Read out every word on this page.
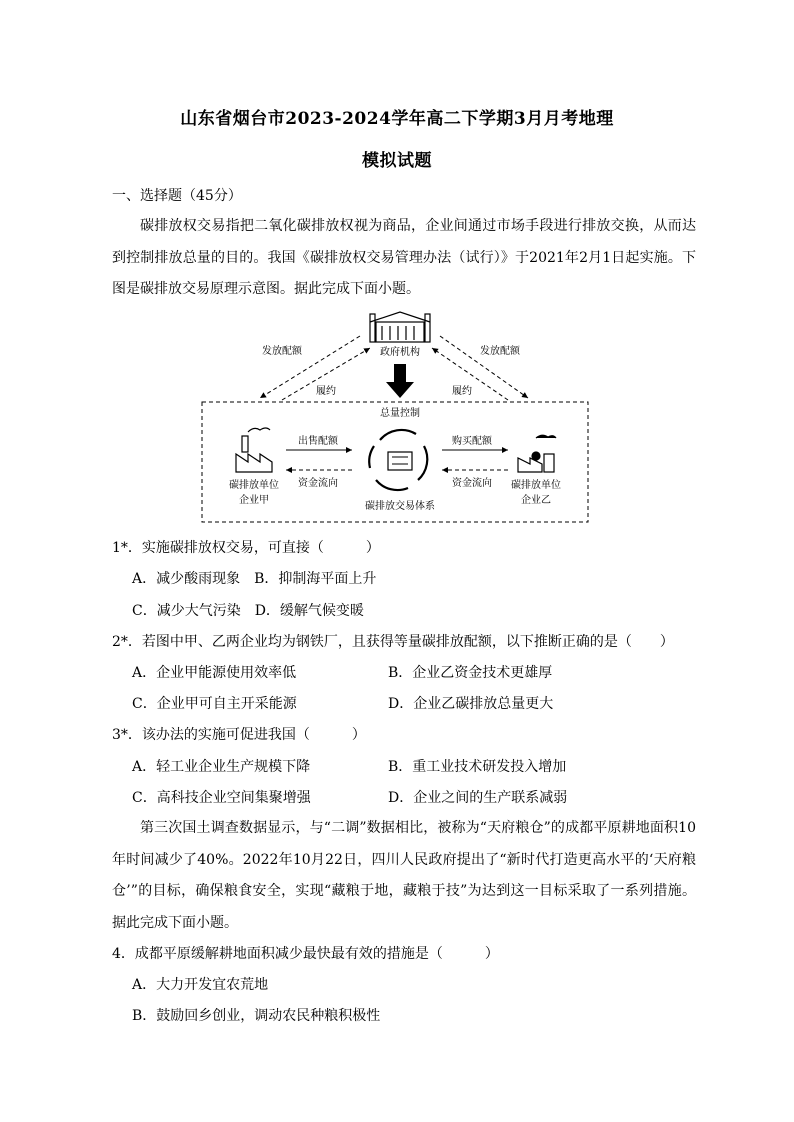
山东省烟台市2023-2024学年高二下学期3月月考地理
模拟试题
一、选择题（45分）
碳排放权交易指把二氧化碳排放权视为商品，企业间通过市场手段进行排放交换，从而达到控制排放总量的目的。我国《碳排放权交易管理办法（试行）》于2021年2月1日起实施。下图是碳排放交易原理示意图。据此完成下面小题。
政府机构
发放配额	发放配额
履约	履约
总量控制
碳排放交易体系
出售配额
资金流向
购买配额
资金流向
碳排放单位
企业甲
碳排放单位
企业乙
1*．实施碳排放权交易，可直接（　　　）
A．减少酸雨现象　B．抑制海平面上升
C．减少大气污染　D．缓解气候变暖
2*．若图中甲、乙两企业均为钢铁厂，且获得等量碳排放配额，以下推断正确的是（　　）
A．企业甲能源使用效率低	B．企业乙资金技术更雄厚
C．企业甲可自主开采能源	D．企业乙碳排放总量更大
3*．该办法的实施可促进我国（　　　）
A．轻工业企业生产规模下降	B．重工业技术研发投入增加
C．高科技企业空间集聚增强	D．企业之间的生产联系减弱
第三次国土调查数据显示，与“二调”数据相比，被称为“天府粮仓”的成都平原耕地面积10年时间减少了40%。2022年10月22日，四川人民政府提出了“新时代打造更高水平的‘天府粮仓’”的目标，确保粮食安全，实现“藏粮于地，藏粮于技”为达到这一目标采取了一系列措施。据此完成下面小题。
4．成都平原缓解耕地面积减少最快最有效的措施是（　　　）
A．大力开发宜农荒地
B．鼓励回乡创业，调动农民种粮积极性
